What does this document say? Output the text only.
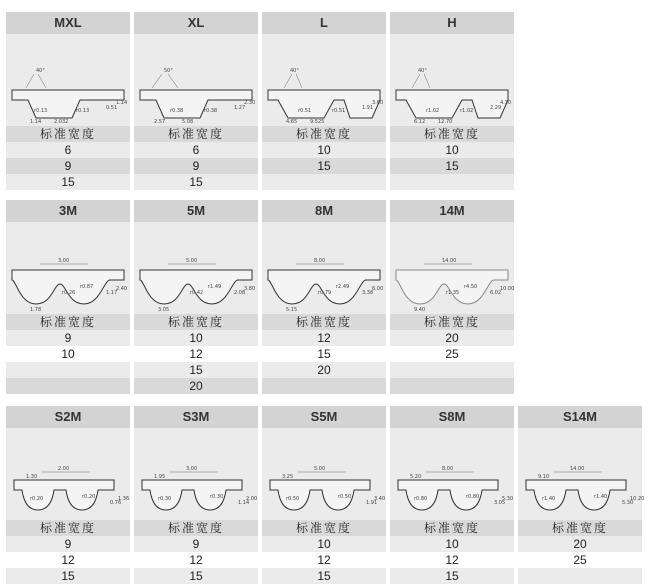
MXL
40°
1.14	2.032
0.51
1.14
r0.13
r0.13
标准宽度
6
9
15
XL
50°
2.57	5.08
1.27
2.30
r0.38
r0.38
标准宽度
6
9
15
L
40°
4.65	9.525
1.91
3.60
r0.51
r0.51
标准宽度
10
15
H
40°
6.12	12.70
2.29
4.30
r1.02
r1.02
标准宽度
10
15
3M
3.00
1.78
1.17
2.40
r0.87
r0.26
标准宽度
9
10
5M
5.00
3.05
2.08
3.80
r1.49
r0.42
标准宽度
10
12
15
20
8M
8.00
5.15
3.38
6.00
r2.49
r0.79
标准宽度
12
15
20
14M
14.00
9.40
6.02
10.00
r4.50
r1.35
标准宽度
20
25
S2M
2.00
1.30
0.76
1.36
r0.20
r0.20
标准宽度
9
12
15
S3M
3.00
1.95
1.14
2.00
r0.30
r0.30
标准宽度
9
12
15
S5M
5.00
3.25
1.91
3.40
r0.50
r0.50
标准宽度
10
12
15
S8M
8.00
5.20
3.05
5.30
r0.80
r0.80
标准宽度
10
12
15
S14M
14.00
9.10
5.30
10.20
r1.40
r1.40
标准宽度
20
25
